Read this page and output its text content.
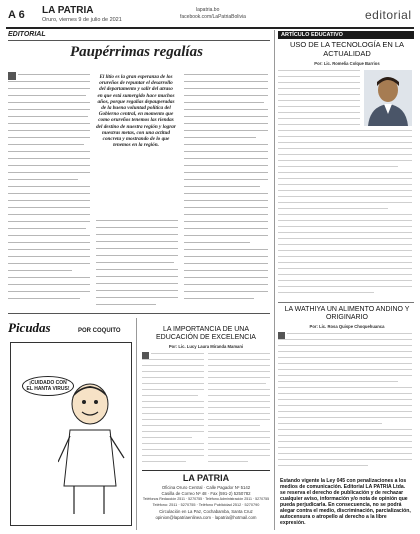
A 6 LA PATRIA
Oruro, viernes 9 de julio de 2021
lapatria.bo
facebook.com/LaPatriaBolivia	editorial
EDITORIAL
Paupérrimas regalías
El litio es la gran esperanza de los orureños de repuntar el desarrollo del departamento y salir del atraso en que está sumergido hace muchos años, porque regalías depauperadas de la buena voluntad política del Gobierno central, en momento que como orureños tenemos las riendas del destino de nuestra región y lograr nuestras metas, con una actitud concreta y mostrando de lo que tenemos en la región.
ARTÍCULO EDUCATIVO
USO DE LA TECNOLOGÍA EN LA ACTUALIDAD
Por: Lic. Romelia Colque Barrios
LA WATHIYA UN ALIMENTO ANDINO Y ORIGINARIO
Por: Lic. Rosa Quispe Choquehuanca
Estando vigente la Ley 045 con penalizaciones a los medios de comunicación. Editorial LA PATRIA Ltda. se reserva el derecho de publicación y de rechazar cualquier aviso, información y/o nota de opinión que pueda perjudicarla. En consecuencia, no se podrá alegar contra el medio, discriminación, parcialización, autocensura o atropello al derecho a la libre expresión.
Picudas	POR COQUITO
¡CUIDADO CON EL HANTA VIRUS!
LA IMPORTANCIA DE UNA EDUCACIÓN DE EXCELENCIA
Por: Lic. Lucy Laura Miranda Mamani
LA PATRIA
Oficina Oruro Central · Calle Pagador Nº 5142
Casilla de Correo Nº 48 · Fax (591-2) 5250782
Teléfonos Redacción 2511 · 5270755 · Teléfono Administración 2511 · 5270755
Teléfono: 2511 · 5270755 · Teléfono Publicidad 2512 · 5270790
Circulación en La Paz, Cochabamba, Santa Cruz
opinion@lapatriaenlinea.com · lapatria@hotmail.com
